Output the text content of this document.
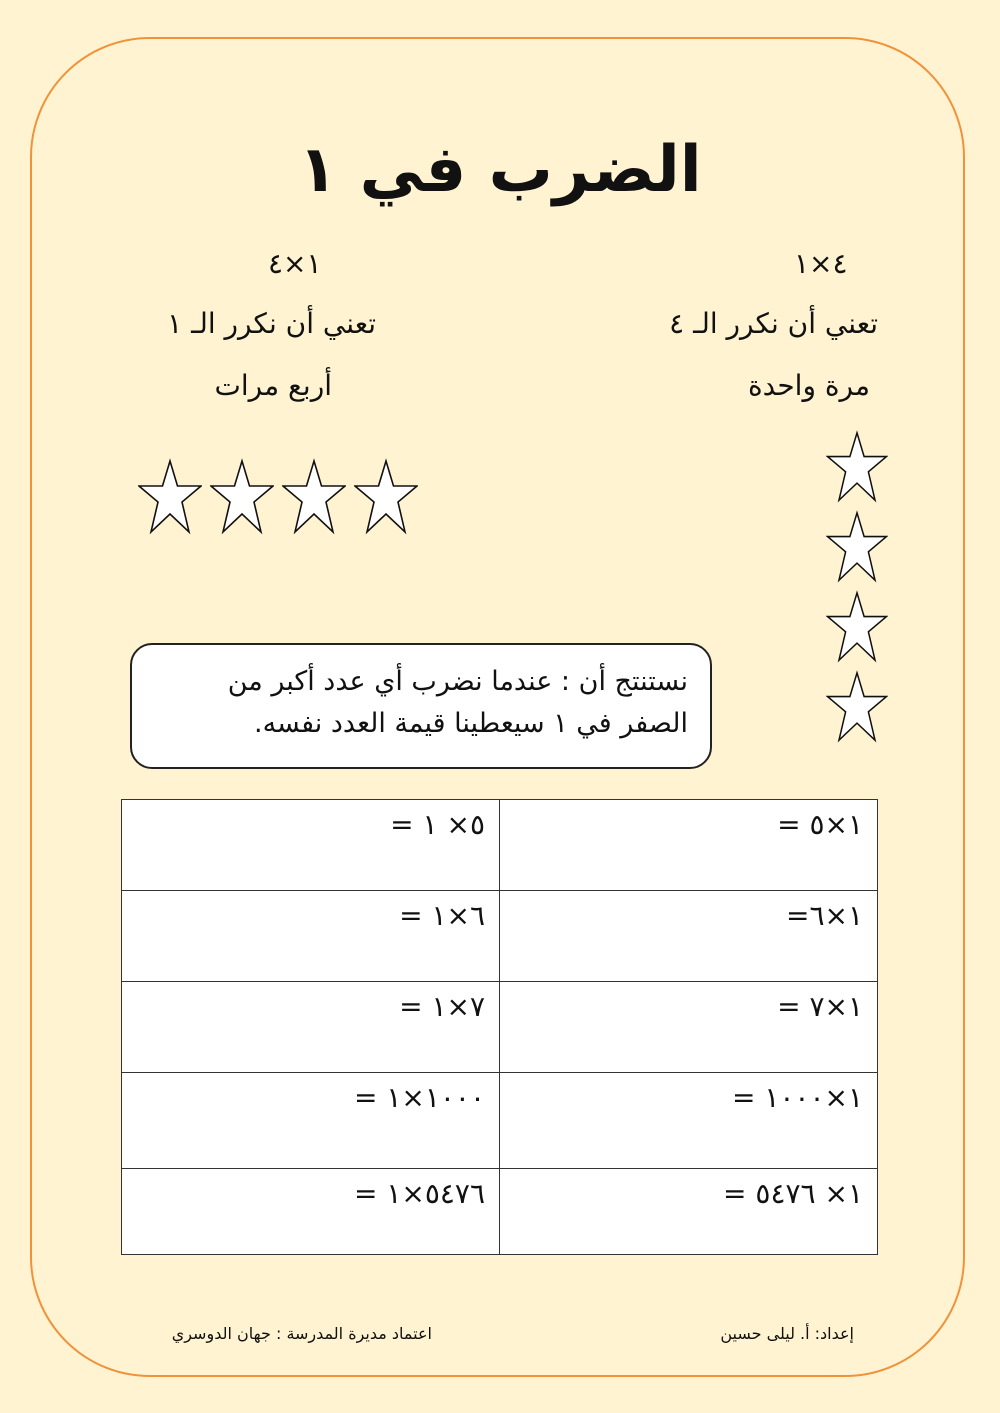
الضرب في ١
٤×١
تعني أن نكرر الـ ٤
مرة واحدة
١×٤
تعني أن نكرر الـ ١
أربع مرات
نستنتج أن : عندما نضرب أي عدد أكبر من
الصفر في ١ سيعطينا قيمة العدد نفسه.
١×٥ =	٥× ١ =
١×٦=	٦×١ =
١×٧ =	٧×١ =
١×١٠٠٠ =	١٠٠٠×١ =
١× ٥٤٧٦ =	٥٤٧٦×١ =
إعداد: أ. ليلى حسين
اعتماد مديرة المدرسة : جهان الدوسري
